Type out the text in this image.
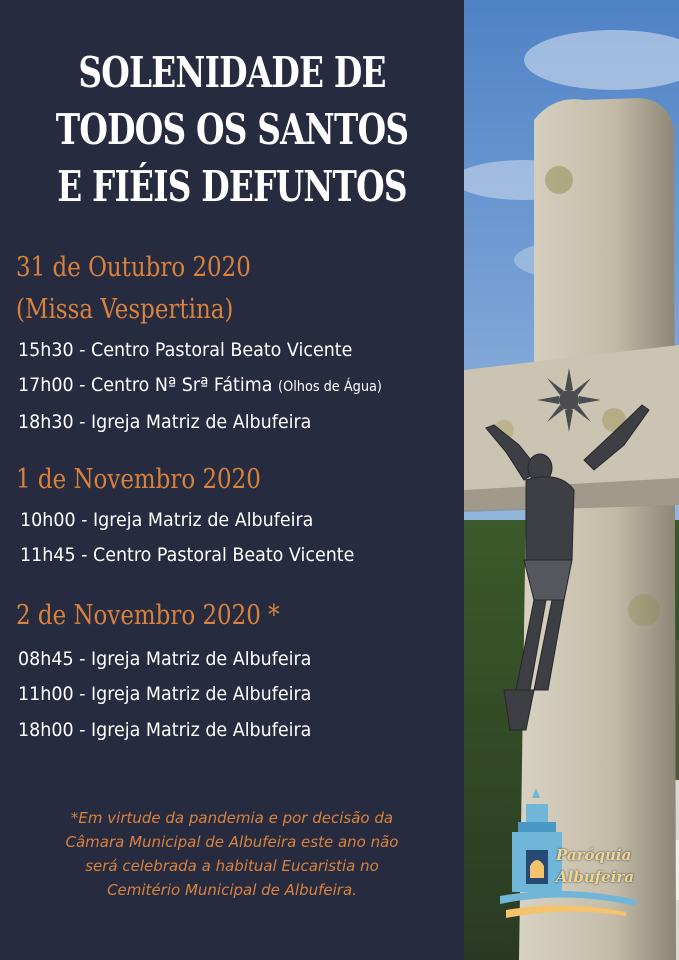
SOLENIDADE DE
TODOS OS SANTOS
E FIÉIS DEFUNTOS
31 de Outubro 2020
(Missa Vespertina)
15h30 - Centro Pastoral Beato Vicente
17h00 - Centro Nª Srª Fátima (Olhos de Água)
18h30 - Igreja Matriz de Albufeira
1 de Novembro 2020
10h00 - Igreja Matriz de Albufeira
11h45 - Centro Pastoral Beato Vicente
2 de Novembro 2020 *
08h45 - Igreja Matriz de Albufeira
11h00 - Igreja Matriz de Albufeira
18h00 - Igreja Matriz de Albufeira
*Em virtude da pandemia e por decisão da
Câmara Municipal de Albufeira este ano não
será celebrada a habitual Eucaristia no
Cemitério Municipal de Albufeira.
Paróquia
Albufeira
